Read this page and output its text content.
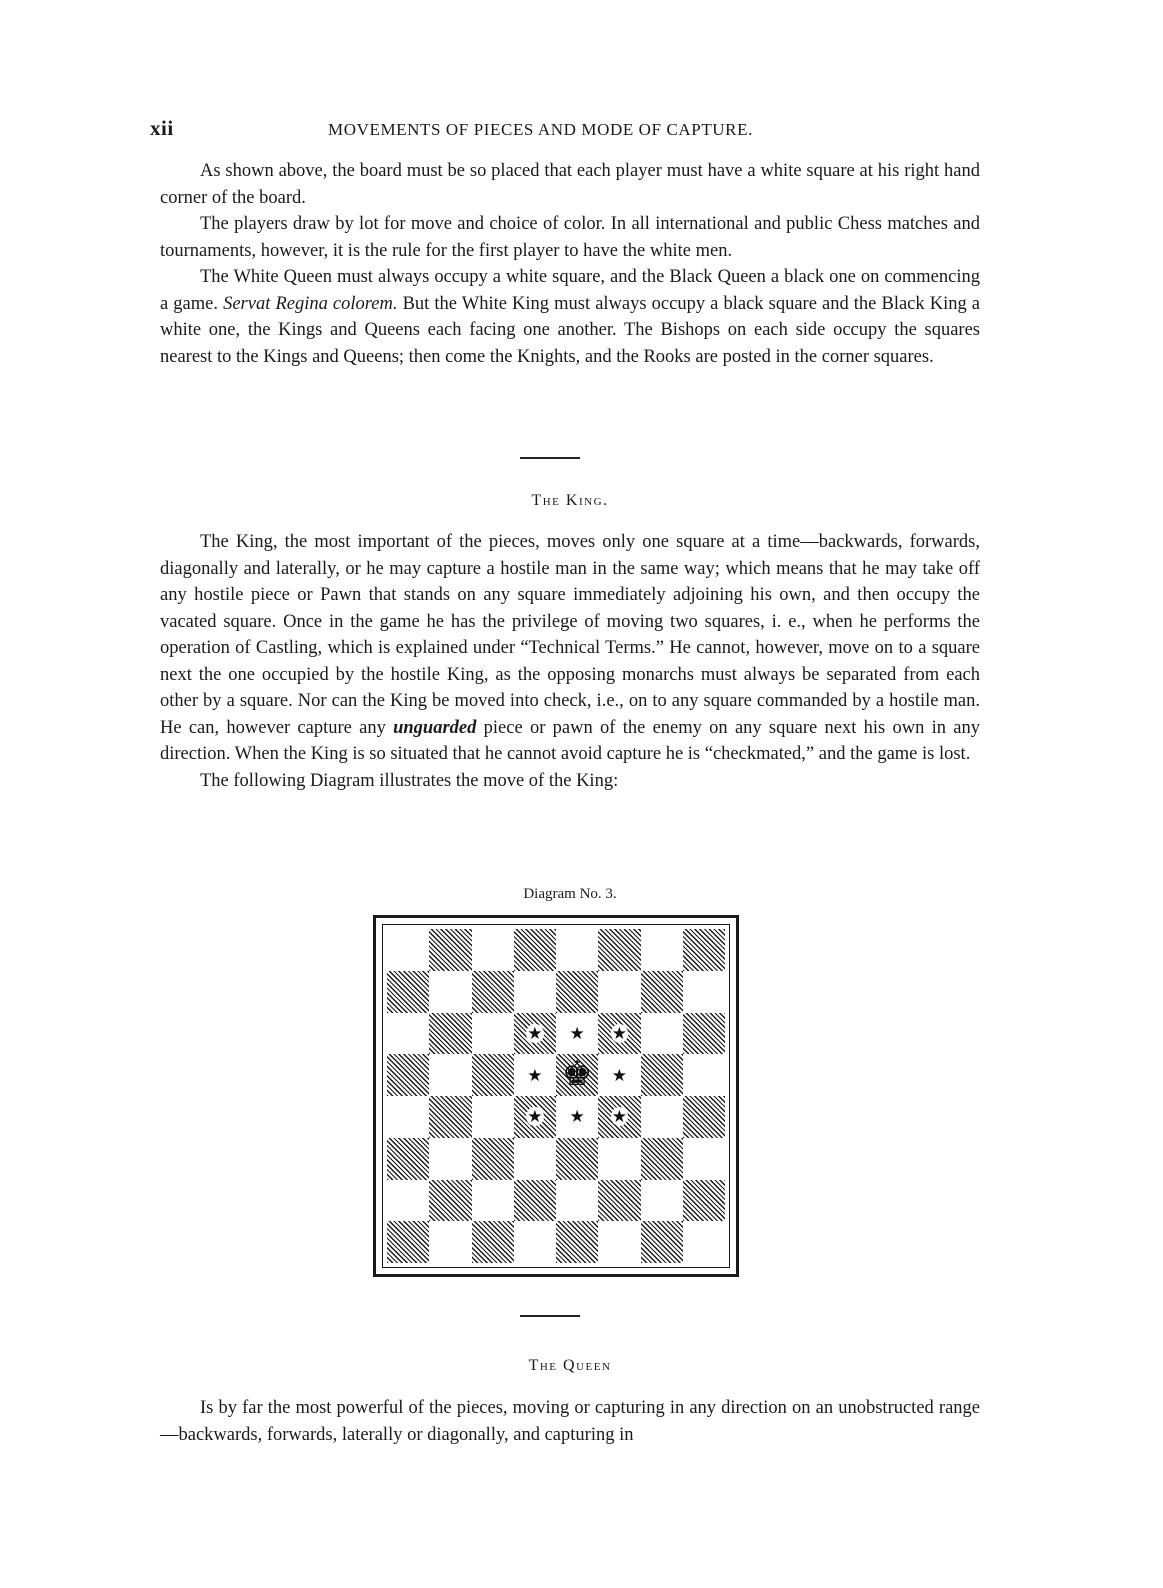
xii	MOVEMENTS OF PIECES AND MODE OF CAPTURE.

As shown above, the board must be so placed that each player must have a white square at his right hand corner of the board.

The players draw by lot for move and choice of color. In all international and public Chess matches and tournaments, however, it is the rule for the first player to have the white men.

The White Queen must always occupy a white square, and the Black Queen a black one on commencing a game. Servat Regina colorem. But the White King must always occupy a black square and the Black King a white one, the Kings and Queens each facing one another. The Bishops on each side occupy the squares nearest to the Kings and Queens; then come the Knights, and the Rooks are posted in the corner squares.

The King.

The King, the most important of the pieces, moves only one square at a time—backwards, forwards, diagonally and laterally, or he may capture a hostile man in the same way; which means that he may take off any hostile piece or Pawn that stands on any square immediately adjoining his own, and then occupy the vacated square. Once in the game he has the privilege of moving two squares, i. e., when he performs the operation of Castling, which is explained under “Technical Terms.” He cannot, however, move on to a square next the one occupied by the hostile King, as the opposing monarchs must always be separated from each other by a square. Nor can the King be moved into check, i.e., on to any square commanded by a hostile man. He can, however capture any unguarded piece or pawn of the enemy on any square next his own in any direction. When the King is so situated that he cannot avoid capture he is “checkmated,” and the game is lost.

The following Diagram illustrates the move of the King:

Diagram No. 3.
★ ★ ★
★ ♚ ★
★ ★ ★
The Queen

Is by far the most powerful of the pieces, moving or capturing in any direction on an unobstructed range—backwards, forwards, laterally or diagonally, and capturing in
